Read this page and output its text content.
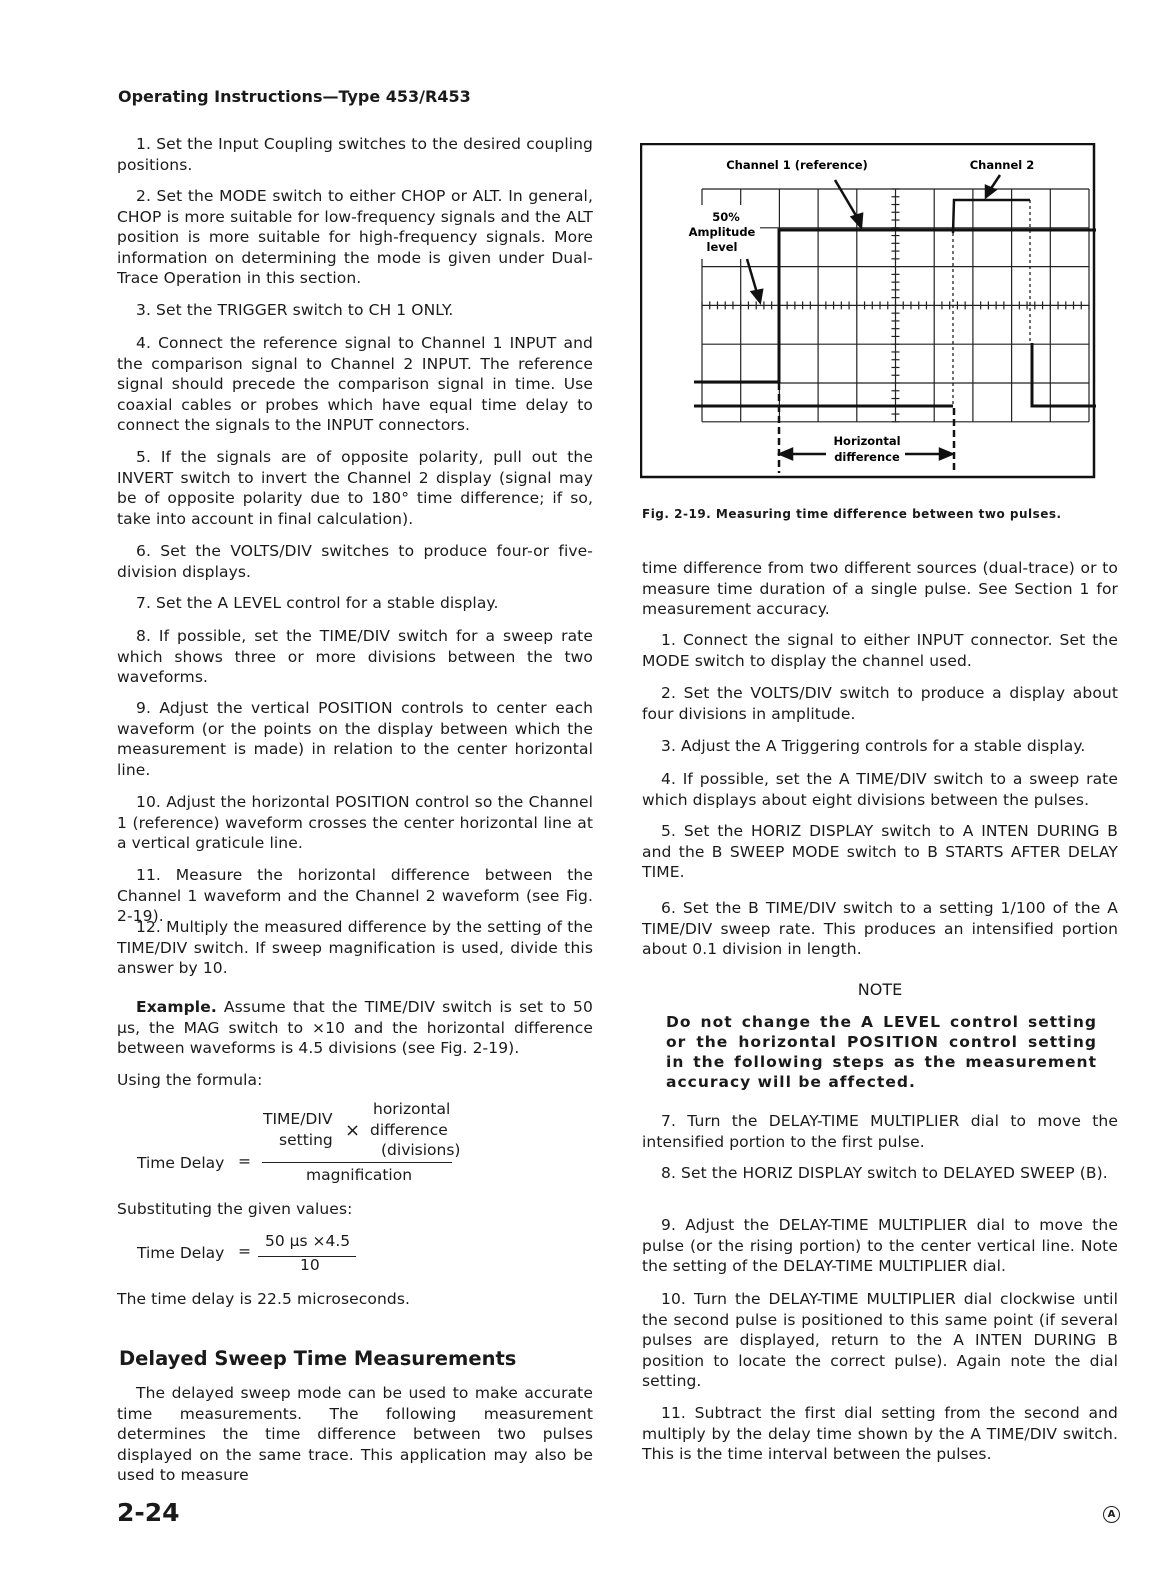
Operating Instructions—Type 453/R453
1. Set the Input Coupling switches to the desired coupling positions.
2. Set the MODE switch to either CHOP or ALT. In general, CHOP is more suitable for low-frequency signals and the ALT position is more suitable for high-frequency signals. More information on determining the mode is given under Dual-Trace Operation in this section.
3. Set the TRIGGER switch to CH 1 ONLY.
4. Connect the reference signal to Channel 1 INPUT and the comparison signal to Channel 2 INPUT. The reference signal should precede the comparison signal in time. Use coaxial cables or probes which have equal time delay to connect the signals to the INPUT connectors.
5. If the signals are of opposite polarity, pull out the INVERT switch to invert the Channel 2 display (signal may be of opposite polarity due to 180° time difference; if so, take into account in final calculation).
6. Set the VOLTS/DIV switches to produce four-or five-division displays.
7. Set the A LEVEL control for a stable display.
8. If possible, set the TIME/DIV switch for a sweep rate which shows three or more divisions between the two waveforms.
9. Adjust the vertical POSITION controls to center each waveform (or the points on the display between which the measurement is made) in relation to the center horizontal line.
10. Adjust the horizontal POSITION control so the Channel 1 (reference) waveform crosses the center horizontal line at a vertical graticule line.
11. Measure the horizontal difference between the Channel 1 waveform and the Channel 2 waveform (see Fig. 2-19).
12. Multiply the measured difference by the setting of the TIME/DIV switch. If sweep magnification is used, divide this answer by 10.
Example. Assume that the TIME/DIV switch is set to 50 µs, the MAG switch to ×10 and the horizontal difference between waveforms is 4.5 divisions (see Fig. 2-19).
Using the formula:
Time Delay =
TIME/DIV
setting ×
horizontal
difference
(divisions)
magnification
Substituting the given values:
Time Delay =
50 µs ×4.5
10
The time delay is 22.5 microseconds.
Delayed Sweep Time Measurements
The delayed sweep mode can be used to make accurate time measurements. The following measurement determines the time difference between two pulses displayed on the same trace. This application may also be used to measure
Channel 1 (reference)	Channel 2
50%
Amplitude
level
Horizontal
difference
Fig. 2-19. Measuring time difference between two pulses.
time difference from two different sources (dual-trace) or to measure time duration of a single pulse. See Section 1 for measurement accuracy.
1. Connect the signal to either INPUT connector. Set the MODE switch to display the channel used.
2. Set the VOLTS/DIV switch to produce a display about four divisions in amplitude.
3. Adjust the A Triggering controls for a stable display.
4. If possible, set the A TIME/DIV switch to a sweep rate which displays about eight divisions between the pulses.
5. Set the HORIZ DISPLAY switch to A INTEN DURING B and the B SWEEP MODE switch to B STARTS AFTER DELAY TIME.
6. Set the B TIME/DIV switch to a setting 1/100 of the A TIME/DIV sweep rate. This produces an intensified portion about 0.1 division in length.
NOTE
Do not change the A LEVEL control setting or the horizontal POSITION control setting in the following steps as the measurement accuracy will be affected.
7. Turn the DELAY-TIME MULTIPLIER dial to move the intensified portion to the first pulse.
8. Set the HORIZ DISPLAY switch to DELAYED SWEEP (B).
9. Adjust the DELAY-TIME MULTIPLIER dial to move the pulse (or the rising portion) to the center vertical line. Note the setting of the DELAY-TIME MULTIPLIER dial.
10. Turn the DELAY-TIME MULTIPLIER dial clockwise until the second pulse is positioned to this same point (if several pulses are displayed, return to the A INTEN DURING B position to locate the correct pulse). Again note the dial setting.
11. Subtract the first dial setting from the second and multiply by the delay time shown by the A TIME/DIV switch. This is the time interval between the pulses.
2-24	A
